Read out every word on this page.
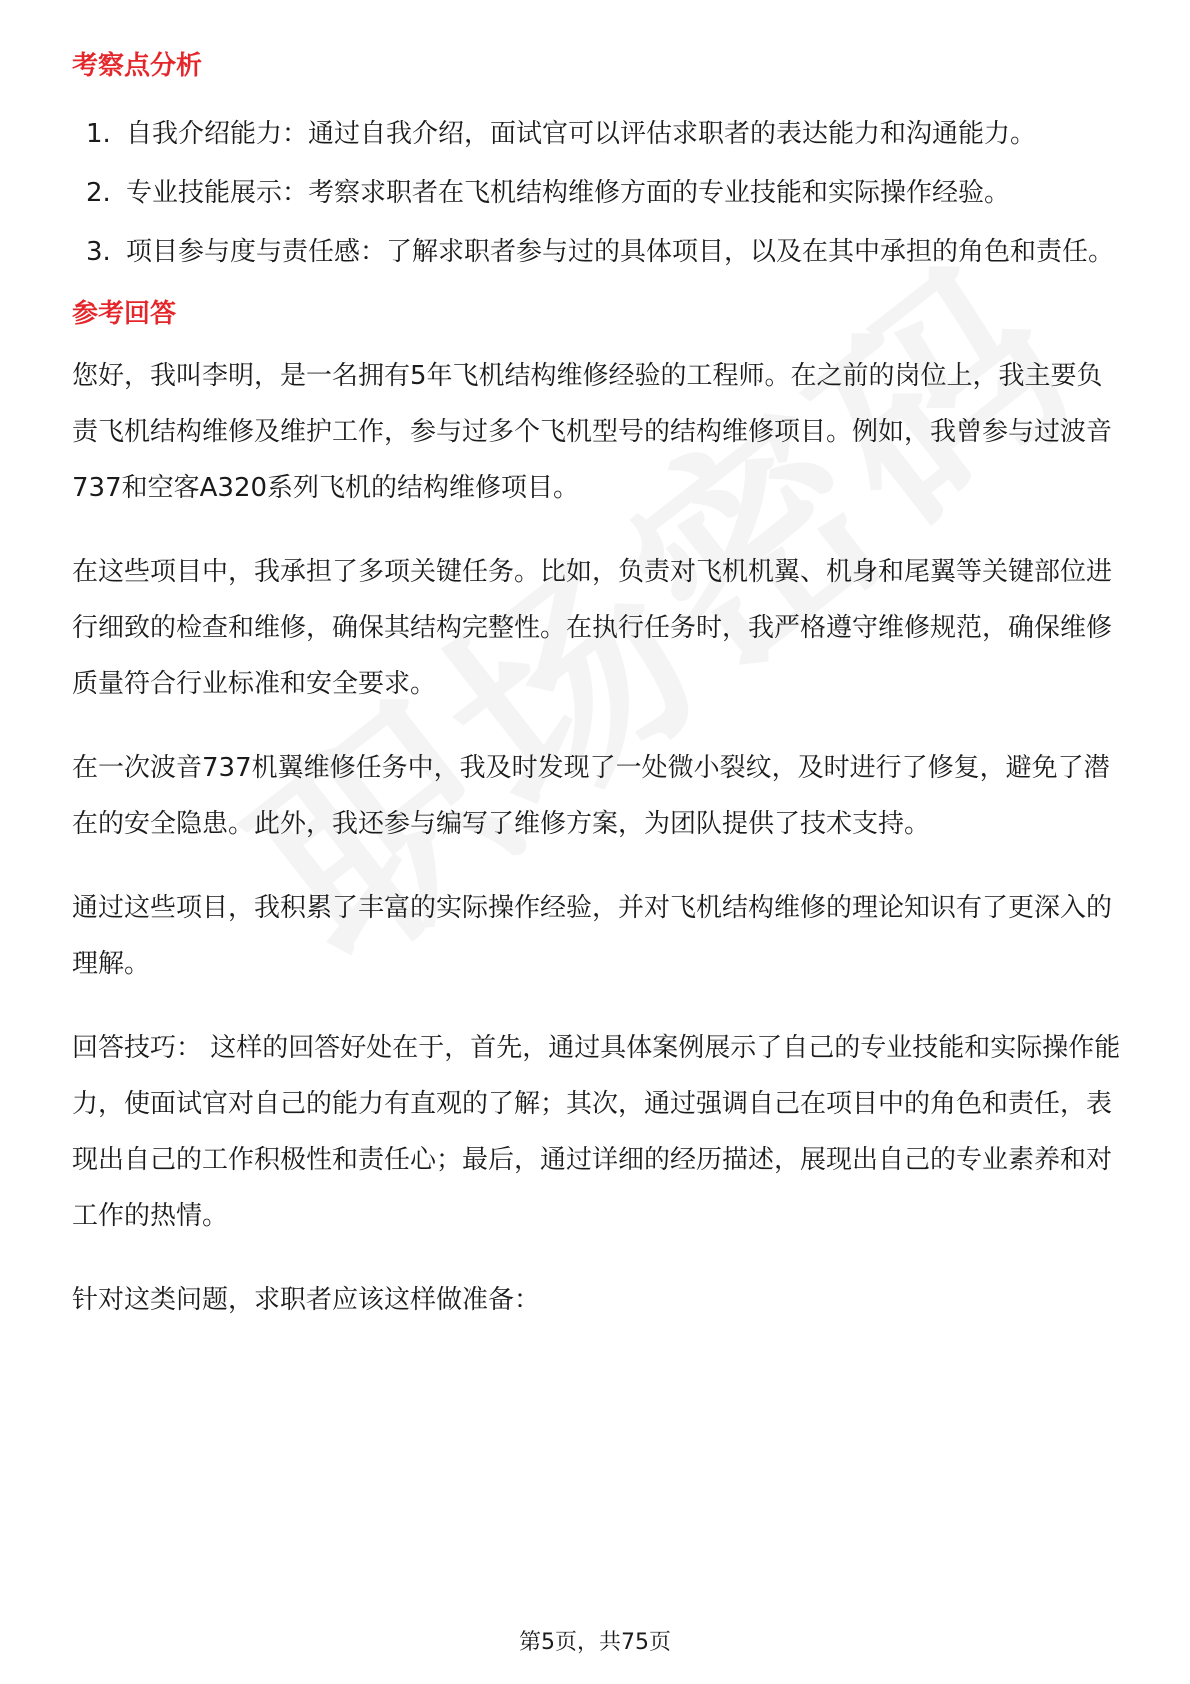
考察点分析
1. 自我介绍能力：通过自我介绍，面试官可以评估求职者的表达能力和沟通能力。
2. 专业技能展示：考察求职者在飞机结构维修方面的专业技能和实际操作经验。
3. 项目参与度与责任感：了解求职者参与过的具体项目，以及在其中承担的角色和责任。
参考回答

您好，我叫李明，是一名拥有5年飞机结构维修经验的工程师。在之前的岗位上，我主要负责飞机结构维修及维护工作，参与过多个飞机型号的结构维修项目。例如，我曾参与过波音737和空客A320系列飞机的结构维修项目。

在这些项目中，我承担了多项关键任务。比如，负责对飞机机翼、机身和尾翼等关键部位进行细致的检查和维修，确保其结构完整性。在执行任务时，我严格遵守维修规范，确保维修质量符合行业标准和安全要求。

在一次波音737机翼维修任务中，我及时发现了一处微小裂纹，及时进行了修复，避免了潜在的安全隐患。此外，我还参与编写了维修方案，为团队提供了技术支持。

通过这些项目，我积累了丰富的实际操作经验，并对飞机结构维修的理论知识有了更深入的理解。

回答技巧： 这样的回答好处在于，首先，通过具体案例展示了自己的专业技能和实际操作能力，使面试官对自己的能力有直观的了解；其次，通过强调自己在项目中的角色和责任，表现出自己的工作积极性和责任心；最后，通过详细的经历描述，展现出自己的专业素养和对工作的热情。

针对这类问题，求职者应该这样做准备：

第5页，共75页
